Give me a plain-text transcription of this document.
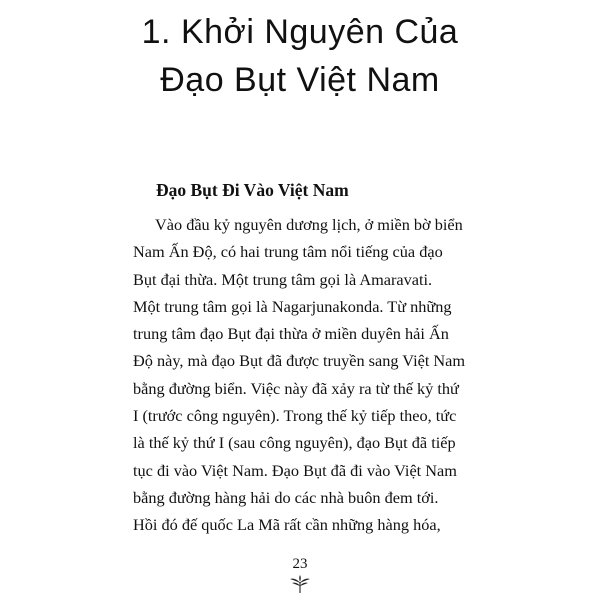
1. Khởi Nguyên Của
Đạo Bụt Việt Nam
Đạo Bụt Đi Vào Việt Nam
Vào đầu kỷ nguyên dương lịch, ở miền bờ biển
Nam Ấn Độ, có hai trung tâm nổi tiếng của đạo
Bụt đại thừa. Một trung tâm gọi là Amaravati.
Một trung tâm gọi là Nagarjunakonda. Từ những
trung tâm đạo Bụt đại thừa ở miền duyên hải Ấn
Độ này, mà đạo Bụt đã được truyền sang Việt Nam
bằng đường biển. Việc này đã xảy ra từ thế kỷ thứ
I (trước công nguyên). Trong thế kỷ tiếp theo, tức
là thế kỷ thứ I (sau công nguyên), đạo Bụt đã tiếp
tục đi vào Việt Nam. Đạo Bụt đã đi vào Việt Nam
bằng đường hàng hải do các nhà buôn đem tới.
Hồi đó đế quốc La Mã rất cần những hàng hóa,
23
